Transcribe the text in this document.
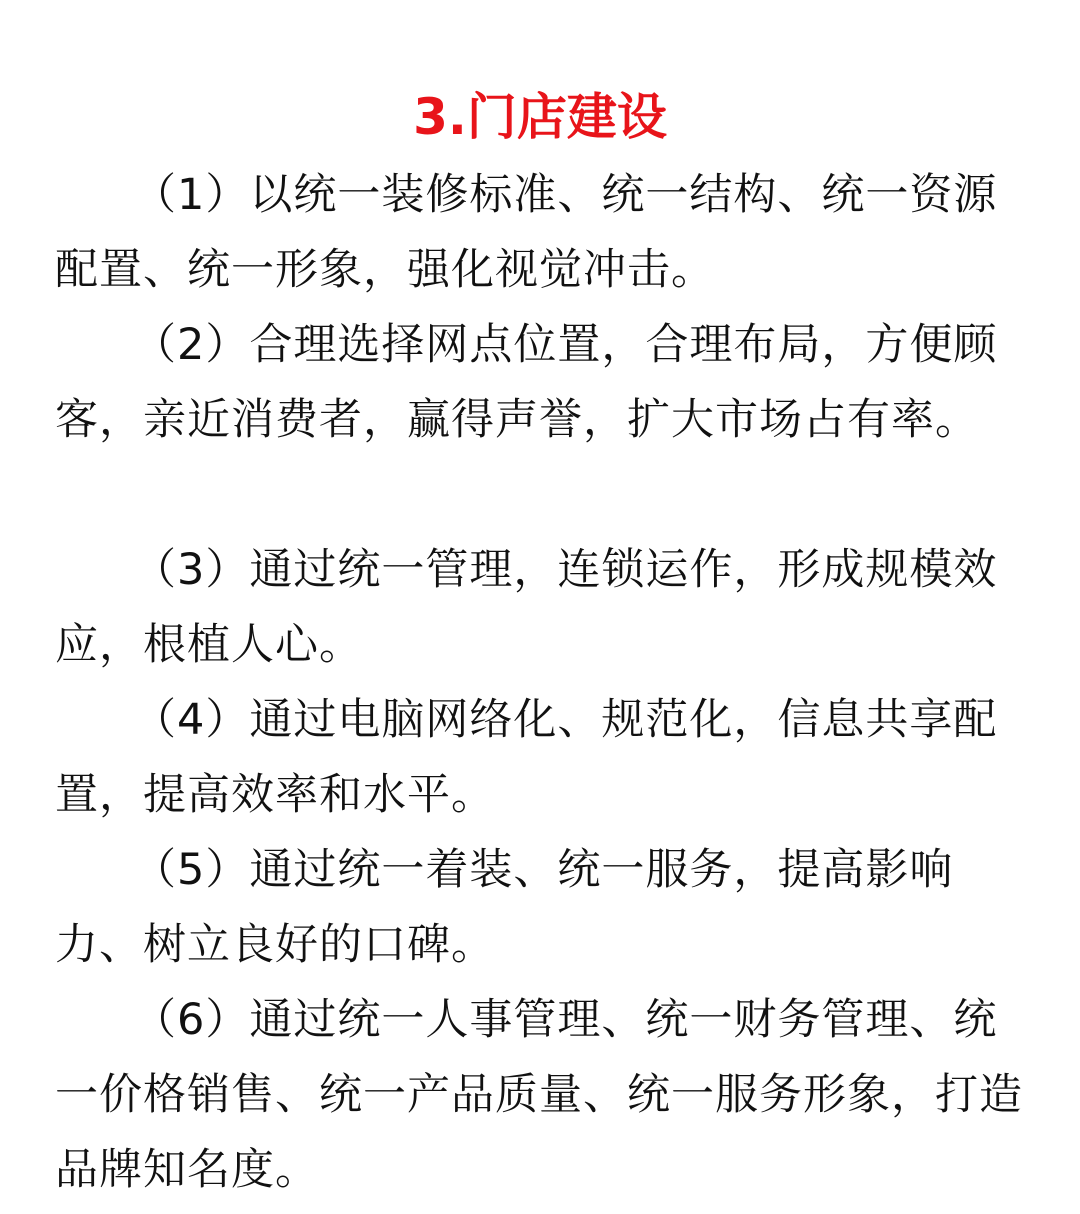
3.门店建设

（1）以统一装修标准、统一结构、统一资源配置、统一形象，强化视觉冲击。

（2）合理选择网点位置，合理布局，方便顾客，亲近消费者，赢得声誉，扩大市场占有率。

（3）通过统一管理，连锁运作，形成规模效应，根植人心。

（4）通过电脑网络化、规范化，信息共享配置，提高效率和水平。

（5）通过统一着装、统一服务，提高影响力、树立良好的口碑。

（6）通过统一人事管理、统一财务管理、统一价格销售、统一产品质量、统一服务形象，打造品牌知名度。
